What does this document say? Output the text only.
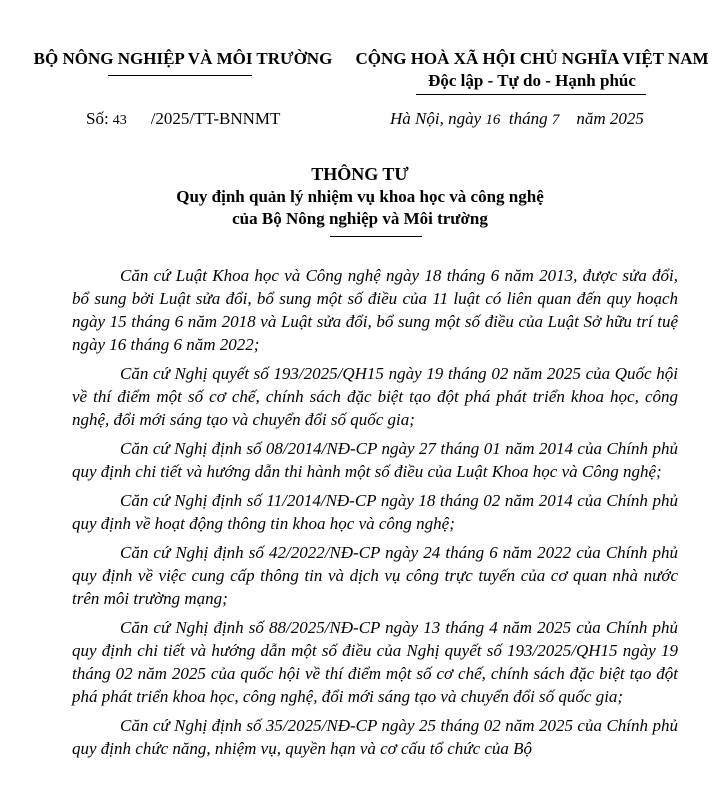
BỘ NÔNG NGHIỆP VÀ MÔI TRƯỜNG	CỘNG HOÀ XÃ HỘI CHỦ NGHĨA VIỆT NAM
Độc lập - Tự do - Hạnh phúc
Số: 43 /2025/TT-BNNMT	Hà Nội, ngày 16 tháng 7 năm 2025
THÔNG TƯ
Quy định quản lý nhiệm vụ khoa học và công nghệ
của Bộ Nông nghiệp và Môi trường

Căn cứ Luật Khoa học và Công nghệ ngày 18 tháng 6 năm 2013, được sửa đổi, bổ sung bởi Luật sửa đổi, bổ sung một số điều của 11 luật có liên quan đến quy hoạch ngày 15 tháng 6 năm 2018 và Luật sửa đổi, bổ sung một số điều của Luật Sở hữu trí tuệ ngày 16 tháng 6 năm 2022;

Căn cứ Nghị quyết số 193/2025/QH15 ngày 19 tháng 02 năm 2025 của Quốc hội về thí điểm một số cơ chế, chính sách đặc biệt tạo đột phá phát triển khoa học, công nghệ, đổi mới sáng tạo và chuyển đổi số quốc gia;

Căn cứ Nghị định số 08/2014/NĐ-CP ngày 27 tháng 01 năm 2014 của Chính phủ quy định chi tiết và hướng dẫn thi hành một số điều của Luật Khoa học và Công nghệ;

Căn cứ Nghị định số 11/2014/NĐ-CP ngày 18 tháng 02 năm 2014 của Chính phủ quy định về hoạt động thông tin khoa học và công nghệ;

Căn cứ Nghị định số 42/2022/NĐ-CP ngày 24 tháng 6 năm 2022 của Chính phủ quy định về việc cung cấp thông tin và dịch vụ công trực tuyến của cơ quan nhà nước trên môi trường mạng;

Căn cứ Nghị định số 88/2025/NĐ-CP ngày 13 tháng 4 năm 2025 của Chính phủ quy định chi tiết và hướng dẫn một số điều của Nghị quyết số 193/2025/QH15 ngày 19 tháng 02 năm 2025 của quốc hội về thí điểm một số cơ chế, chính sách đặc biệt tạo đột phá phát triển khoa học, công nghệ, đổi mới sáng tạo và chuyển đổi số quốc gia;

Căn cứ Nghị định số 35/2025/NĐ-CP ngày 25 tháng 02 năm 2025 của Chính phủ quy định chức năng, nhiệm vụ, quyền hạn và cơ cấu tổ chức của Bộ
